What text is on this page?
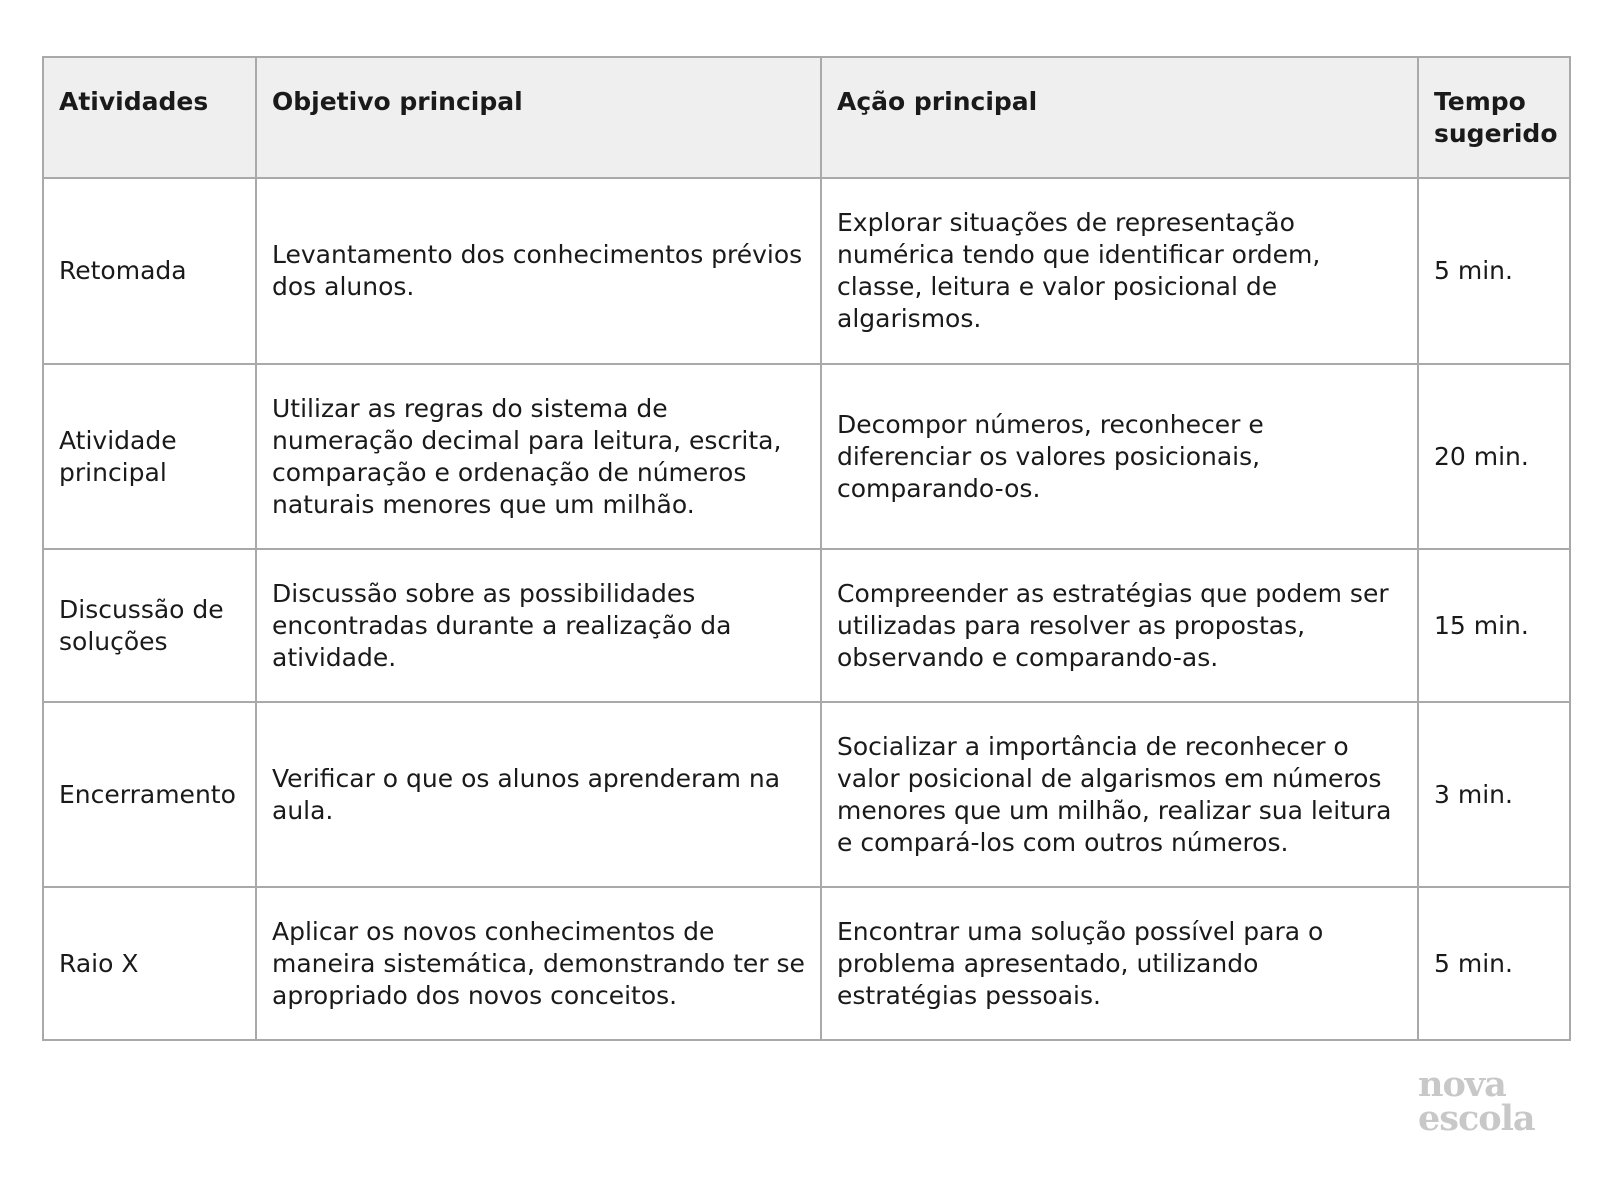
Atividades	Objetivo principal	Ação principal	Tempo sugerido
Retomada	Levantamento dos conhecimentos prévios dos alunos.	Explorar situações de representação numérica tendo que identificar ordem, classe, leitura e valor posicional de algarismos.	5 min.
Atividade principal	Utilizar as regras do sistema de numeração decimal para leitura, escrita, comparação e ordenação de números naturais menores que um milhão.	Decompor números, reconhecer e diferenciar os valores posicionais, comparando-os.	20 min.
Discussão de soluções	Discussão sobre as possibilidades encontradas durante a realização da atividade.	Compreender as estratégias que podem ser utilizadas para resolver as propostas, observando e comparando-as.	15 min.
Encerramento	Verificar o que os alunos aprenderam na aula.	Socializar a importância de reconhecer o valor posicional de algarismos em números menores que um milhão, realizar sua leitura e compará-los com outros números.	3 min.
Raio X	Aplicar os novos conhecimentos de maneira sistemática, demonstrando ter se apropriado dos novos conceitos.	Encontrar uma solução possível para o problema apresentado, utilizando estratégias pessoais.	5 min.
nova
escola
